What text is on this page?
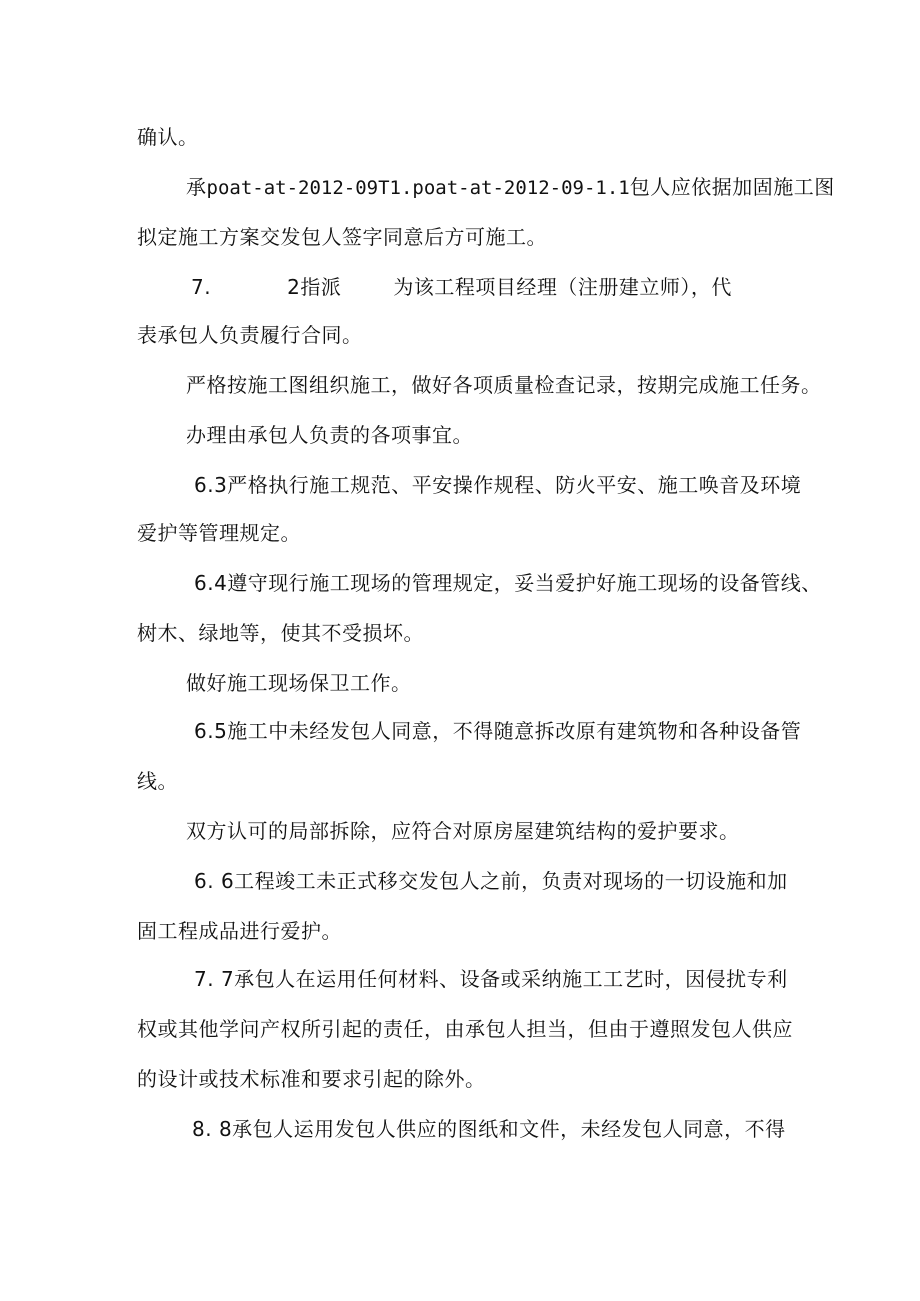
确认。

承poat-at-2012-09T1.poat-at-2012-09-1.1包人应依据加固施工图

拟定施工方案交发包人签字同意后方可施工。

7.	2指派	为该工程项目经理（注册建立师），代

表承包人负责履行合同。

严格按施工图组织施工，做好各项质量检查记录，按期完成施工任务。

办理由承包人负责的各项事宜。

6.3严格执行施工规范、平安操作规程、防火平安、施工唤音及环境

爱护等管理规定。

6.4遵守现行施工现场的管理规定，妥当爱护好施工现场的设备管线、

树木、绿地等，使其不受损坏。

做好施工现场保卫工作。

6.5施工中未经发包人同意，不得随意拆改原有建筑物和各种设备管

线。

双方认可的局部拆除，应符合对原房屋建筑结构的爱护要求。

6. 6工程竣工未正式移交发包人之前，负责对现场的一切设施和加

固工程成品进行爱护。

7. 7承包人在运用任何材料、设备或采纳施工工艺时，因侵扰专利

权或其他学问产权所引起的责任，由承包人担当，但由于遵照发包人供应

的设计或技术标准和要求引起的除外。

8. 8承包人运用发包人供应的图纸和文件，未经发包人同意，不得
